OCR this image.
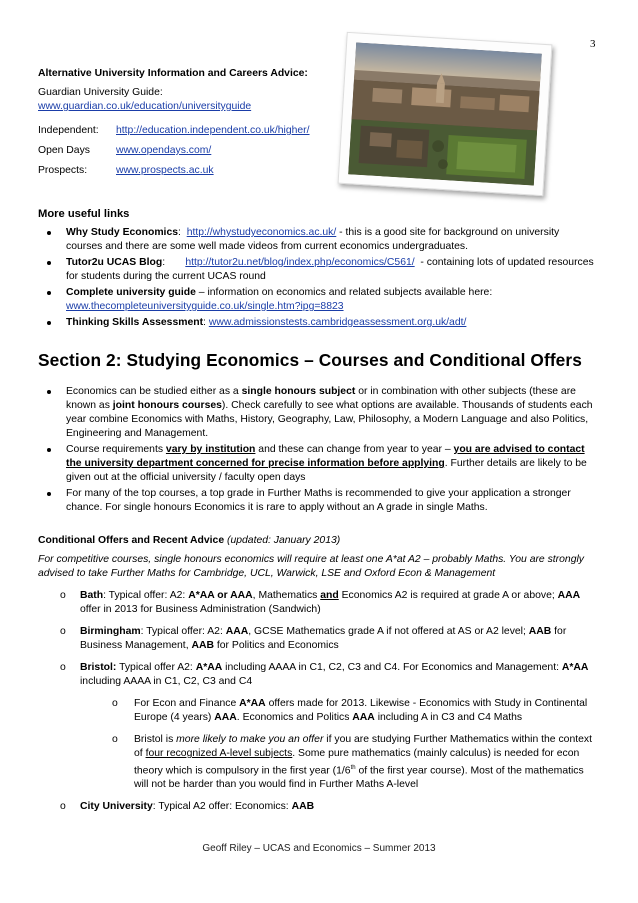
3
Alternative University Information and Careers Advice:
Guardian University Guide:
www.guardian.co.uk/education/universityguide
Independent: http://education.independent.co.uk/higher/
Open Days	www.opendays.com/
Prospects:	www.prospects.ac.uk
More useful links
Why Study Economics:  http://whystudyeconomics.ac.uk/ - this is a good site for background on university courses and there are some well made videos from current economics undergraduates.
Tutor2u UCAS Blog:       http://tutor2u.net/blog/index.php/economics/C561/  - containing lots of updated resources for students during the current UCAS round
Complete university guide – information on economics and related subjects available here: www.thecompleteuniversityguide.co.uk/single.htm?ipg=8823
Thinking Skills Assessment: www.admissionstests.cambridgeassessment.org.uk/adt/
Section 2: Studying Economics – Courses and Conditional Offers
Economics can be studied either as a single honours subject or in combination with other subjects (these are known as joint honours courses). Check carefully to see what options are available. Thousands of students each year combine Economics with Maths, History, Geography, Law, Philosophy, a Modern Language and also Politics, Engineering and Management.
Course requirements vary by institution and these can change from year to year – you are advised to contact the university department concerned for precise information before applying. Further details are likely to be given out at the official university / faculty open days
For many of the top courses, a top grade in Further Maths is recommended to give your application a stronger chance. For single honours Economics it is rare to apply without an A grade in single Maths.
Conditional Offers and Recent Advice (updated: January 2013)
For competitive courses, single honours economics will require at least one A*at A2 – probably Maths. You are strongly advised to take Further Maths for Cambridge, UCL, Warwick, LSE and Oxford Econ & Management
o Bath: Typical offer: A2: A*AA or AAA, Mathematics and Economics A2 is required at grade A or above; AAA offer in 2013 for Business Administration (Sandwich)
o Birmingham: Typical offer: A2: AAA, GCSE Mathematics grade A if not offered at AS or A2 level; AAB for Business Management, AAB for Politics and Economics
o Bristol: Typical offer A2: A*AA including AAAA in C1, C2, C3 and C4. For Economics and Management: A*AA including AAAA in C1, C2, C3 and C4
o For Econ and Finance A*AA offers made for 2013. Likewise - Economics with Study in Continental Europe (4 years) AAA. Economics and Politics AAA including A in C3 and C4 Maths
o Bristol is more likely to make you an offer if you are studying Further Mathematics within the context of four recognized A-level subjects. Some pure mathematics (mainly calculus) is needed for econ theory which is compulsory in the first year (1/6th of the first year course). Most of the mathematics will not be harder than you would find in Further Maths A-level
o City University: Typical A2 offer: Economics: AAB
Geoff Riley – UCAS and Economics – Summer 2013
